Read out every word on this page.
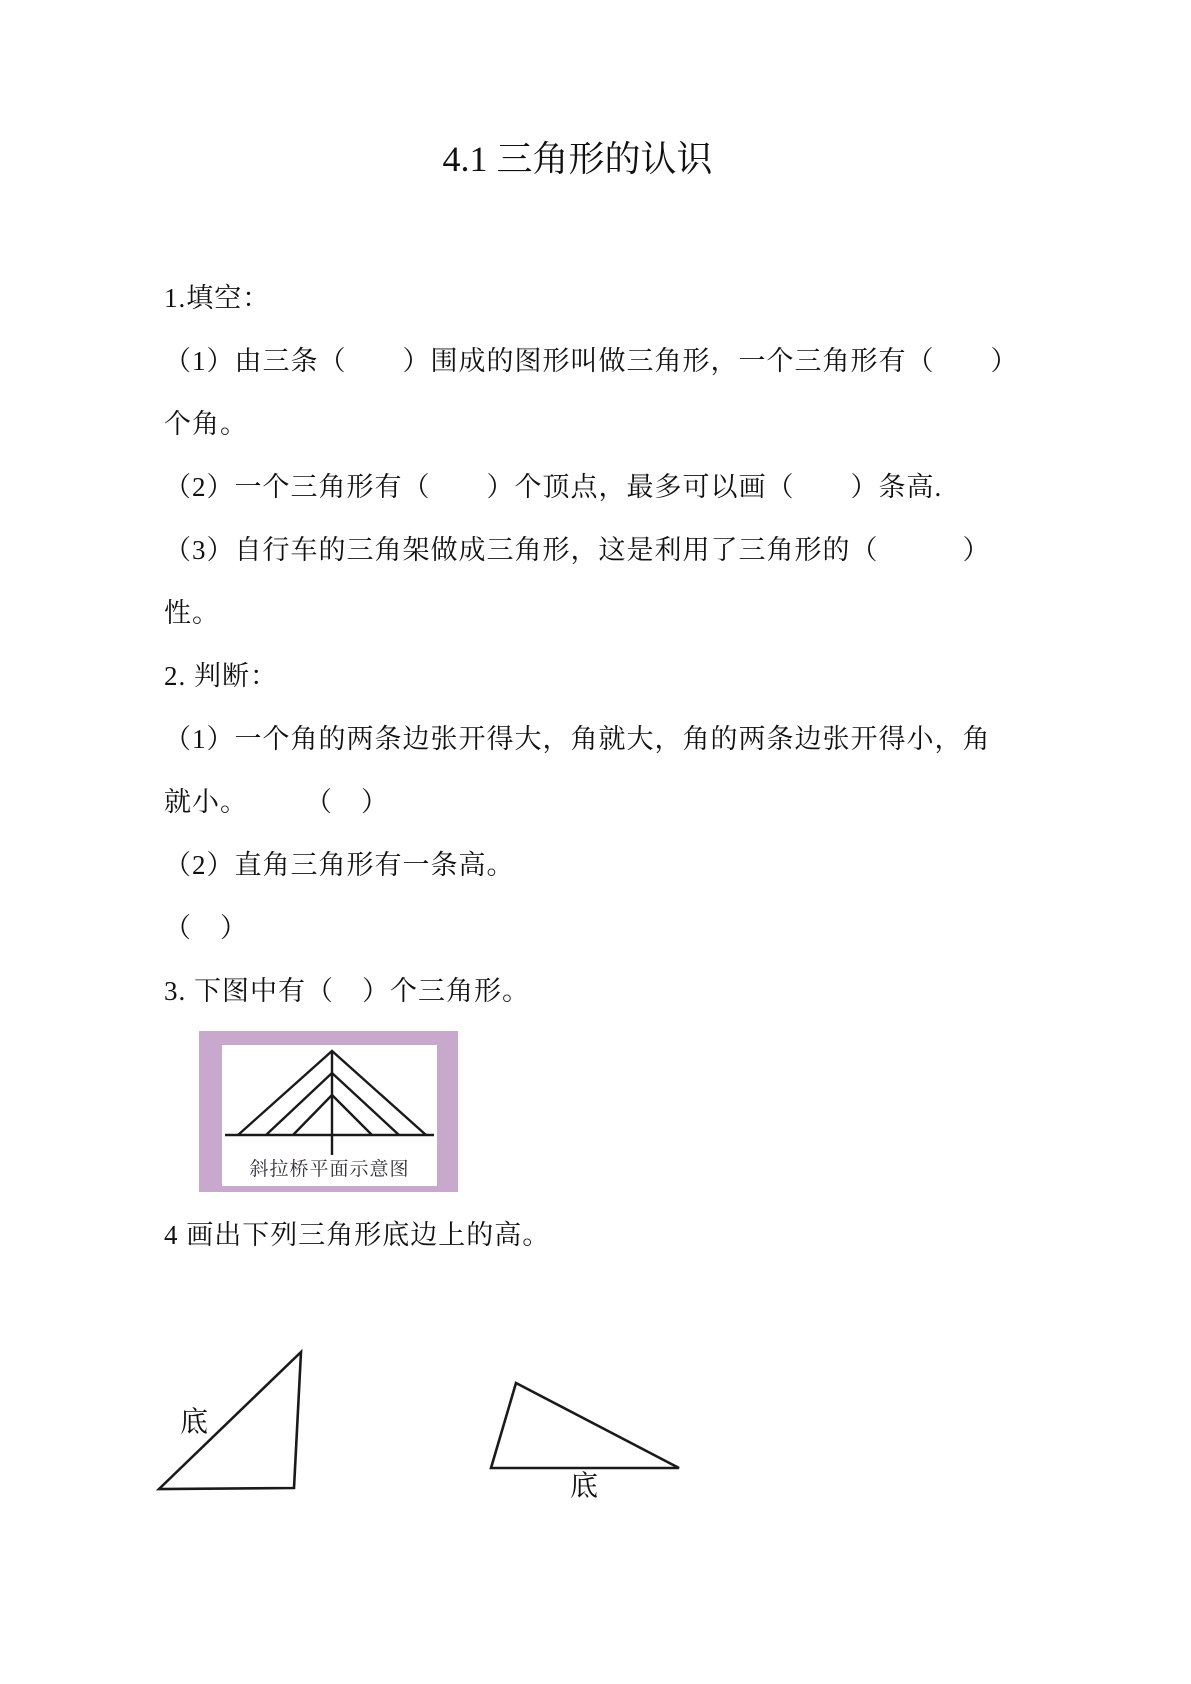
4.1 三角形的认识
1.填空：
（1）由三条（　　）围成的图形叫做三角形，一个三角形有（　　）
个角。
（2）一个三角形有（　　）个顶点，最多可以画（　　）条高.
（3）自行车的三角架做成三角形，这是利用了三角形的（　　　）
性。
2. 判断：
（1）一个角的两条边张开得大，角就大，角的两条边张开得小，角
就小。　　　（　）
（2）直角三角形有一条高。
（　）
3. 下图中有（　）个三角形。
斜拉桥平面示意图
4 画出下列三角形底边上的高。
底
底
